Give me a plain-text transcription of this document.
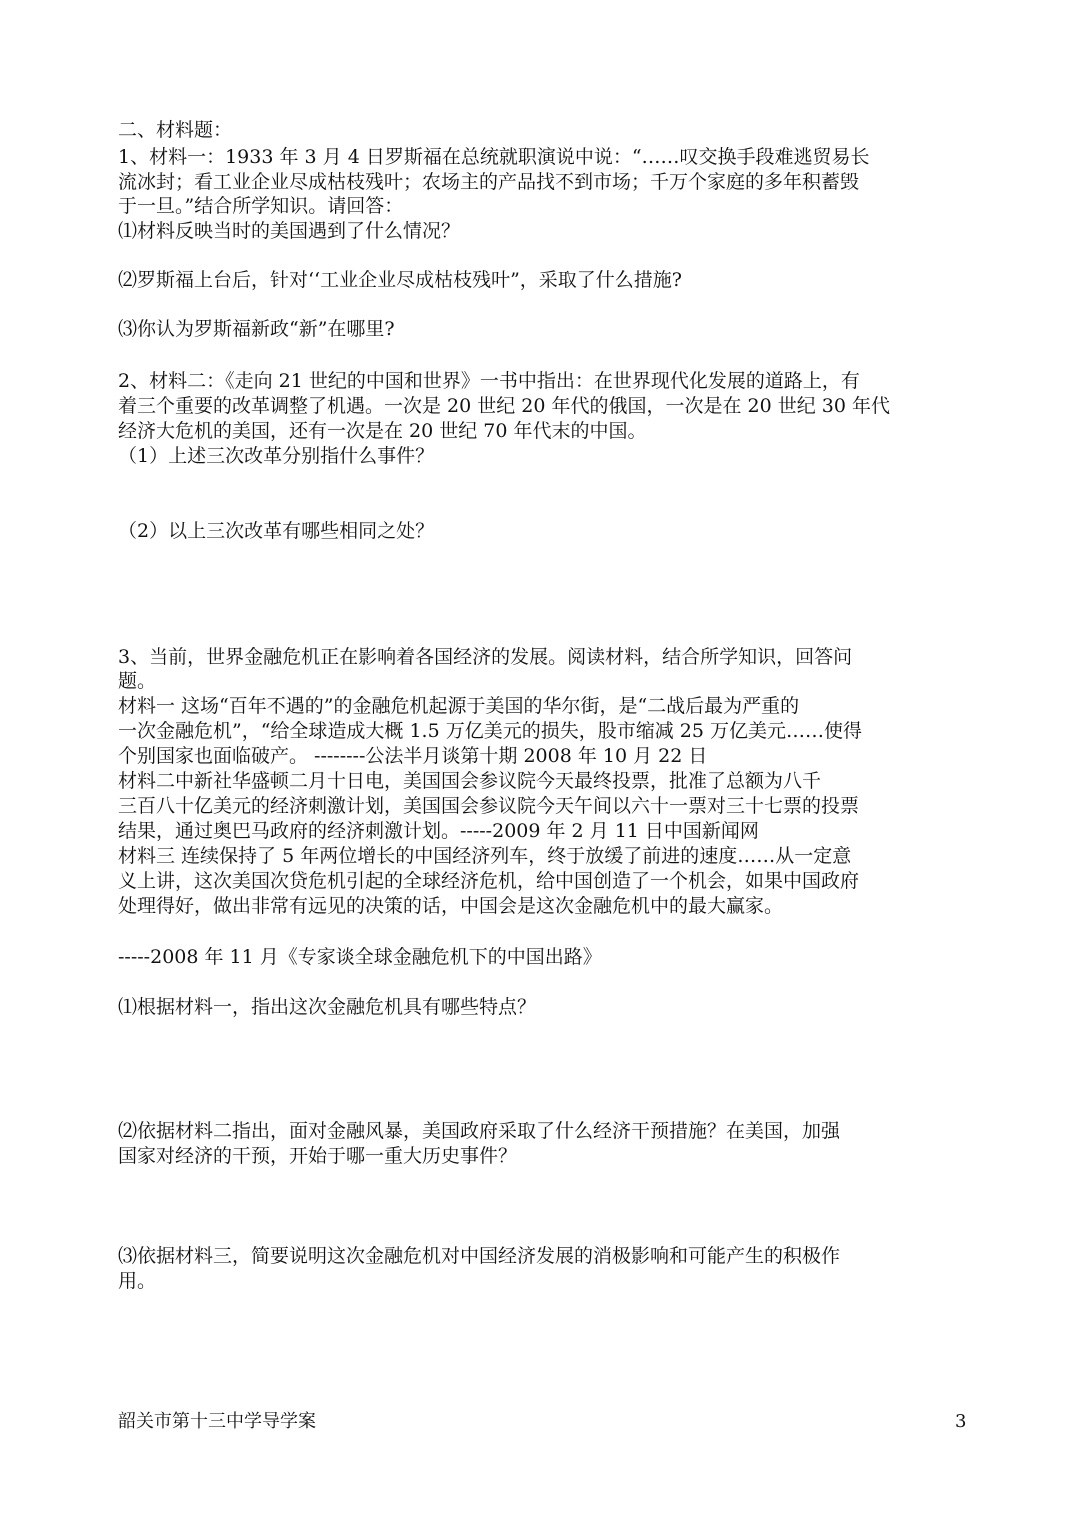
二、材料题：
1、材料一：1933 年 3 月 4 日罗斯福在总统就职演说中说：“……叹交换手段难逃贸易长
流冰封；看工业企业尽成枯枝残叶；农场主的产品找不到市场；千万个家庭的多年积蓄毁
于一旦。”结合所学知识。请回答：
⑴材料反映当时的美国遇到了什么情况？
⑵罗斯福上台后，针对‘‘工业企业尽成枯枝残叶”，采取了什么措施?
⑶你认为罗斯福新政“新”在哪里?
2、材料二：《走向 21 世纪的中国和世界》一书中指出：在世界现代化发展的道路上，有
着三个重要的改革调整了机遇。一次是 20 世纪 20 年代的俄国，一次是在 20 世纪 30 年代
经济大危机的美国，还有一次是在 20 世纪 70 年代末的中国。
（1）上述三次改革分别指什么事件？
（2）以上三次改革有哪些相同之处？
3、当前，世界金融危机正在影响着各国经济的发展。阅读材料，结合所学知识，回答问
题。
材料一 这场“百年不遇的”的金融危机起源于美国的华尔街，是“二战后最为严重的
一次金融危机”，“给全球造成大概 1.5 万亿美元的损失，股市缩减 25 万亿美元……使得
个别国家也面临破产。 --------公法半月谈第十期 2008 年 10 月 22 日
材料二中新社华盛顿二月十日电，美国国会参议院今天最终投票，批准了总额为八千
三百八十亿美元的经济刺激计划，美国国会参议院今天午间以六十一票对三十七票的投票
结果，通过奥巴马政府的经济刺激计划。-----2009 年 2 月 11 日中国新闻网
材料三 连续保持了 5 年两位增长的中国经济列车，终于放缓了前进的速度……从一定意
义上讲，这次美国次贷危机引起的全球经济危机，给中国创造了一个机会，如果中国政府
处理得好，做出非常有远见的决策的话，中国会是这次金融危机中的最大赢家。
-----2008 年 11 月《专家谈全球金融危机下的中国出路》
⑴根据材料一，指出这次金融危机具有哪些特点？
⑵依据材料二指出，面对金融风暴，美国政府采取了什么经济干预措施？在美国，加强
国家对经济的干预，开始于哪一重大历史事件？
⑶依据材料三，简要说明这次金融危机对中国经济发展的消极影响和可能产生的积极作
用。
韶关市第十三中学导学案	3
